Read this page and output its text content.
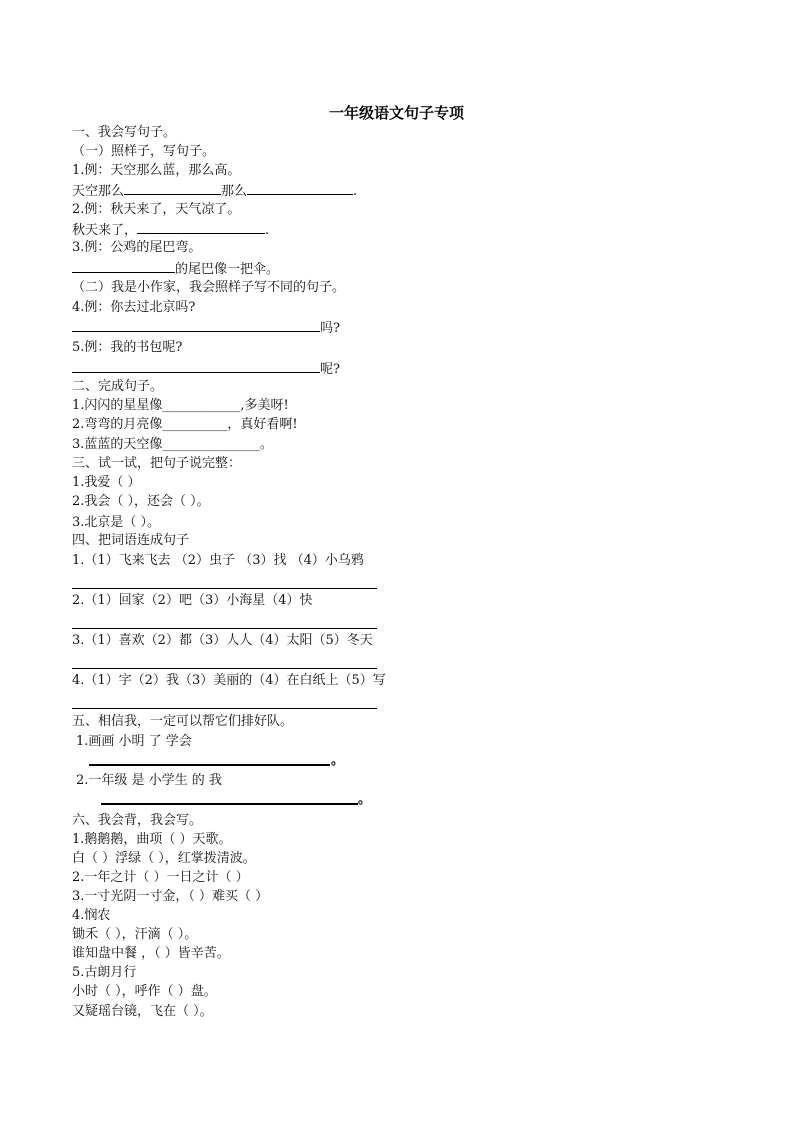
一年级语文句子专项
一、我会写句子。
（一）照样子，写句子。
1.例：天空那么蓝，那么高。
天空那么	那么	.
2.例：秋天来了，天气凉了。
秋天来了，	.
3.例：公鸡的尾巴弯。
的尾巴像一把伞。
（二）我是小作家，我会照样子写不同的句子。
4.例：你去过北京吗?
吗?
5.例：我的书包呢?
呢?
二、完成句子。
1.闪闪的星星像____________,多美呀!
2.弯弯的月亮像__________，真好看啊!
3.蓝蓝的天空像_______________。
三、试一试，把句子说完整：
1.我爱（ ）
2.我会（ ），还会（ ）。
3.北京是（ ）。
四、把词语连成句子
1.（1）飞来飞去 （2）虫子 （3）找 （4）小乌鸦
2.（1）回家（2）吧（3）小海星（4）快
3.（1）喜欢（2）都（3）人人（4）太阳（5）冬天
4.（1）字（2）我（3）美丽的（4）在白纸上（5）写
五、相信我，一定可以帮它们排好队。
1.画画 小明 了 学会
。
2.一年级 是 小学生 的 我
。
六、我会背，我会写。
1.鹅鹅鹅，曲项（ ）天歌。
白（ ）浮绿（ ），红掌拨清波。
2.一年之计（ ）一日之计（ ）
3.一寸光阴一寸金，（ ）难买（ ）
4.悯农
锄禾（ ），汗滴（ ）。
谁知盘中餐 ，（ ）皆辛苦。
5.古朗月行
小时（ ），呼作（ ）盘。
又疑瑶台镜，飞在（ ）。
